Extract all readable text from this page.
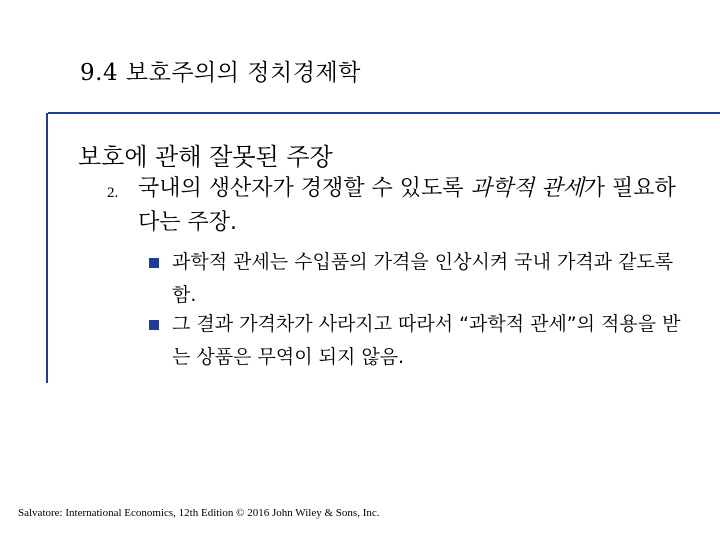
9.4 보호주의의 정치경제학
보호에 관해 잘못된 주장
2. 국내의 생산자가 경쟁할 수 있도록 과학적 관세가 필요하다는 주장.
과학적 관세는 수입품의 가격을 인상시켜 국내 가격과 같도록 함.
그 결과 가격차가 사라지고 따라서 “과학적 관세”의 적용을 받는 상품은 무역이 되지 않음.
Salvatore: International Economics, 12th Edition © 2016 John Wiley & Sons, Inc.
